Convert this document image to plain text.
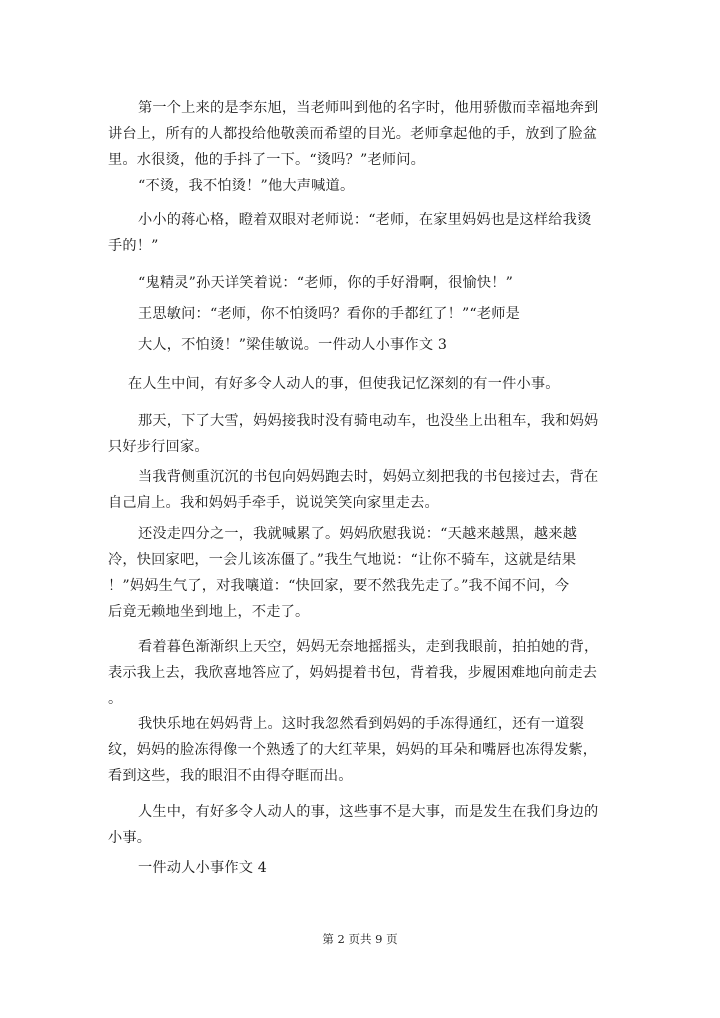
第一个上来的是李东旭，当老师叫到他的名字时，他用骄傲而幸福地奔到
讲台上，所有的人都投给他敬羡而希望的目光。老师拿起他的手，放到了脸盆
里。水很烫，他的手抖了一下。“烫吗？”老师问。
“不烫，我不怕烫！”他大声喊道。
小小的蒋心格，瞪着双眼对老师说：“老师，在家里妈妈也是这样给我烫
手的！”
“鬼精灵”孙天详笑着说：“老师，你的手好滑啊，很愉快！”
王思敏问：“老师，你不怕烫吗？看你的手都红了！”“老师是
大人，不怕烫！”梁佳敏说。一件动人小事作文 3
在人生中间，有好多令人动人的事，但使我记忆深刻的有一件小事。
那天，下了大雪，妈妈接我时没有骑电动车，也没坐上出租车，我和妈妈
只好步行回家。
当我背侧重沉沉的书包向妈妈跑去时，妈妈立刻把我的书包接过去，背在
自己肩上。我和妈妈手牵手，说说笑笑向家里走去。
还没走四分之一，我就喊累了。妈妈欣慰我说：“天越来越黑，越来越
冷，快回家吧，一会儿该冻僵了。”我生气地说：“让你不骑车，这就是结果
！”妈妈生气了，对我嚷道：“快回家，要不然我先走了。”我不闻不问，今
后竟无赖地坐到地上，不走了。
看着暮色渐渐织上天空，妈妈无奈地摇摇头，走到我眼前，拍拍她的背，
表示我上去，我欣喜地答应了，妈妈提着书包，背着我，步履困难地向前走去
。
我快乐地在妈妈背上。这时我忽然看到妈妈的手冻得通红，还有一道裂
纹，妈妈的脸冻得像一个熟透了的大红苹果，妈妈的耳朵和嘴唇也冻得发紫，
看到这些，我的眼泪不由得夺眶而出。
人生中，有好多令人动人的事，这些事不是大事，而是发生在我们身边的
小事。
一件动人小事作文 4
第 2 页共 9 页
